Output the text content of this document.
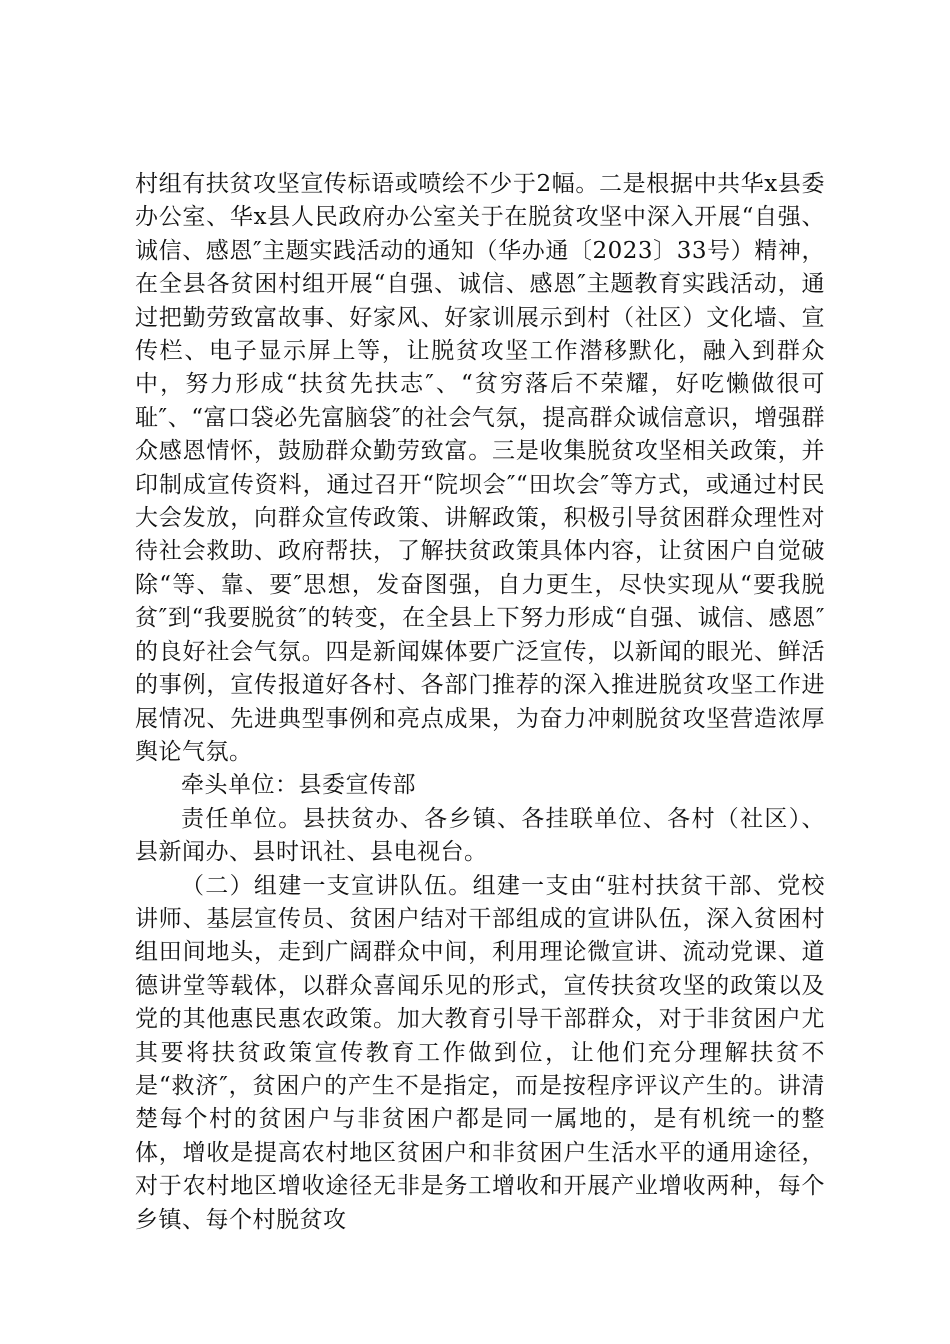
村组有扶贫攻坚宣传标语或喷绘不少于2幅。二是根据中共华x县委办公室、华x县人民政府办公室关于在脱贫攻坚中深入开展“自强、诚信、感恩″主题实践活动的通知（华办通〔2023〕33号）精神，在全县各贫困村组开展“自强、诚信、感恩″主题教育实践活动，通过把勤劳致富故事、好家风、好家训展示到村（社区）文化墙、宣传栏、电子显示屏上等，让脱贫攻坚工作潜移默化，融入到群众中，努力形成“扶贫先扶志″、“贫穷落后不荣耀，好吃懒做很可耻″、“富口袋必先富脑袋″的社会气氛，提高群众诚信意识，增强群众感恩情怀，鼓励群众勤劳致富。三是收集脱贫攻坚相关政策，并印制成宣传资料，通过召开“院坝会″“田坎会″等方式，或通过村民大会发放，向群众宣传政策、讲解政策，积极引导贫困群众理性对待社会救助、政府帮扶，了解扶贫政策具体内容，让贫困户自觉破除“等、靠、要″思想，发奋图强，自力更生，尽快实现从“要我脱贫″到“我要脱贫″的转变，在全县上下努力形成“自强、诚信、感恩″的良好社会气氛。四是新闻媒体要广泛宣传，以新闻的眼光、鲜活的事例，宣传报道好各村、各部门推荐的深入推进脱贫攻坚工作进展情况、先进典型事例和亮点成果，为奋力冲刺脱贫攻坚营造浓厚舆论气氛。

牵头单位：县委宣传部

责任单位。县扶贫办、各乡镇、各挂联单位、各村（社区）、县新闻办、县时讯社、县电视台。

（二）组建一支宣讲队伍。组建一支由“驻村扶贫干部、党校讲师、基层宣传员、贫困户结对干部组成的宣讲队伍，深入贫困村组田间地头，走到广阔群众中间，利用理论微宣讲、流动党课、道德讲堂等载体，以群众喜闻乐见的形式，宣传扶贫攻坚的政策以及党的其他惠民惠农政策。加大教育引导干部群众，对于非贫困户尤其要将扶贫政策宣传教育工作做到位，让他们充分理解扶贫不是“救济″，贫困户的产生不是指定，而是按程序评议产生的。讲清楚每个村的贫困户与非贫困户都是同一属地的，是有机统一的整体，增收是提高农村地区贫困户和非贫困户生活水平的通用途径，对于农村地区增收途径无非是务工增收和开展产业增收两种，每个乡镇、每个村脱贫攻
